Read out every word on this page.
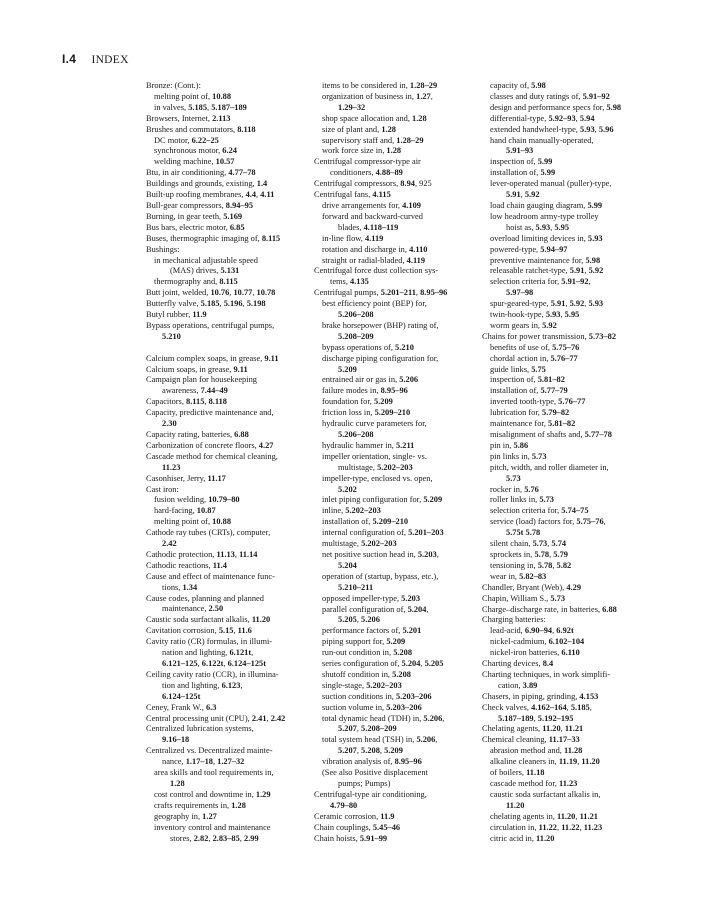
I.4 INDEX
Bronze: (Cont.):
melting point of, 10.88
in valves, 5.185, 5.187–189
Browsers, Internet, 2.113
Brushes and commutators, 8.118
DC motor, 6.22–25
synchronous motor, 6.24
welding machine, 10.57
Btu, in air conditioning, 4.77–78
Buildings and grounds, existing, 1.4
Built-up roofing membranes, 4.4, 4.11
Bull-gear compressors, 8.94–95
Burning, in gear teeth, 5.169
Bus bars, electric motor, 6.85
Buses, thermographic imaging of, 8.115
Bushings:
in mechanical adjustable speed
(MAS) drives, 5.131
thermography and, 8.115
Butt joint, welded, 10.76, 10.77, 10.78
Butterfly valve, 5.185, 5.196, 5.198
Butyl rubber, 11.9
Bypass operations, centrifugal pumps,
5.210
Calcium complex soaps, in grease, 9.11
Calcium soaps, in grease, 9.11
Campaign plan for housekeeping
awareness, 7.44–49
Capacitors, 8.115, 8.118
Capacity, predictive maintenance and,
2.30
Capacity rating, batteries, 6.88
Carbonization of concrete floors, 4.27
Cascade method for chemical cleaning,
11.23
Casonhiser, Jerry, 11.17
Cast iron:
fusion welding, 10.79–80
hard-facing, 10.87
melting point of, 10.88
Cathode ray tubes (CRTs), computer,
2.42
Cathodic protection, 11.13, 11.14
Cathodic reactions, 11.4
Cause and effect of maintenance func-
tions, 1.34
Cause codes, planning and planned
maintenance, 2.50
Caustic soda surfactant alkalis, 11.20
Cavitation corrosion, 5.15, 11.6
Cavity ratio (CR) formulas, in illumi-
nation and lighting, 6.121t,
6.121–125, 6.122t, 6.124–125t
Ceiling cavity ratio (CCR), in illumina-
tion and lighting, 6.123,
6.124–125t
Ceney, Frank W., 6.3
Central processing unit (CPU), 2.41, 2.42
Centralized lubrication systems,
9.16–18
Centralized vs. Decentralized mainte-
nance, 1.17–18, 1.27–32
area skills and tool requirements in,
1.28
cost control and downtime in, 1.29
crafts requirements in, 1.28
geography in, 1.27
inventory control and maintenance
stores, 2.82, 2.83–85, 2.99
items to be considered in, 1.28–29
organization of business in, 1.27,
1.29–32
shop space allocation and, 1.28
size of plant and, 1.28
supervisory staff and, 1.28–29
work force size in, 1.28
Centrifugal compressor-type air
conditioners, 4.88–89
Centrifugal compressors, 8.94, 925
Centrifugal fans, 4.115
drive arrangements for, 4.109
forward and backward-curved
blades, 4.118–119
in-line flow, 4.119
rotation and discharge in, 4.110
straight or radial-bladed, 4.119
Centrifugal force dust collection sys-
tems, 4.135
Centrifugal pumps, 5.201–211, 8.95–96
best efficiency point (BEP) for,
5.206–208
brake horsepower (BHP) rating of,
5.208–209
bypass operations of, 5.210
discharge piping configuration for,
5.209
entrained air or gas in, 5.206
failure modes in, 8.95–96
foundation for, 5.209
friction loss in, 5.209–210
hydraulic curve parameters for,
5.206–208
hydraulic hammer in, 5.211
impeller orientation, single- vs.
multistage, 5.202–203
impeller-type, enclosed vs. open,
5.202
inlet piping configuration for, 5.209
inline, 5.202–203
installation of, 5.209–210
internal configuration of, 5.201–203
multistage, 5.202–203
net positive suction head in, 5.203,
5.204
operation of (startup, bypass, etc.),
5.210–211
opposed impeller-type, 5.203
parallel configuration of, 5.204,
5.205, 5.206
performance factors of, 5.201
piping support for, 5.209
run-out condition in, 5.208
series configuration of, 5.204, 5.205
shutoff condition in, 5.208
single-stage, 5.202–203
suction conditions in, 5.203–206
suction volume in, 5.203–206
total dynamic head (TDH) in, 5.206,
5.207, 5.208–209
total system head (TSH) in, 5.206,
5.207, 5.208, 5.209
vibration analysis of, 8.95–96
(See also Positive displacement
pumps; Pumps)
Centrifugal-type air conditioning,
4.79–80
Ceramic corrosion, 11.9
Chain couplings, 5.45–46
Chain hoists, 5.91–99
capacity of, 5.98
classes and duty ratings of, 5.91–92
design and performance specs for, 5.98
differential-type, 5.92–93, 5.94
extended handwheel-type, 5.93, 5.96
hand chain manually-operated,
5.91–93
inspection of, 5.99
installation of, 5.99
lever-operated manual (puller)-type,
5.91, 5.92
load chain gauging diagram, 5.99
low headroom army-type trolley
hoist as, 5.93, 5.95
overload limiting devices in, 5.93
powered-type, 5.94–97
preventive maintenance for, 5.98
releasable ratchet-type, 5.91, 5.92
selection criteria for, 5.91–92,
5.97–98
spur-geared-type, 5.91, 5.92, 5.93
twin-hook-type, 5.93, 5.95
worm gears in, 5.92
Chains for power transmission, 5.73–82
benefits of use of, 5.75–76
chordal action in, 5.76–77
guide links, 5.75
inspection of, 5.81–82
installation of, 5.77–79
inverted tooth-type, 5.76–77
lubrication for, 5.79–82
maintenance for, 5.81–82
misalignment of shafts and, 5.77–78
pin in, 5.86
pin links in, 5.73
pitch, width, and roller diameter in,
5.73
rocker in, 5.76
roller links in, 5.73
selection criteria for, 5.74–75
service (load) factors for, 5.75–76,
5.75t 5.78
silent chain, 5.73, 5.74
sprockets in, 5.78, 5.79
tensioning in, 5.78, 5.82
wear in, 5.82–83
Chandler, Bryant (Web), 4.29
Chapin, William S., 5.73
Charge–discharge rate, in batteries, 6.88
Charging batteries:
lead-acid, 6.90–94, 6.92t
nickel-cadmium, 6.102–104
nickel-iron batteries, 6.110
Charting devices, 8.4
Charting techniques, in work simplifi-
cation, 3.89
Chasers, in piping, grinding, 4.153
Check valves, 4.162–164, 5.185,
5.187–189, 5.192–195
Chelating agents, 11.20, 11.21
Chemical cleaning, 11.17–33
abrasion method and, 11.28
alkaline cleaners in, 11.19, 11.20
of boilers, 11.18
cascade method for, 11.23
caustic soda surfactant alkalis in,
11.20
chelating agents in, 11.20, 11.21
circulation in, 11.22, 11.22, 11.23
citric acid in, 11.20
